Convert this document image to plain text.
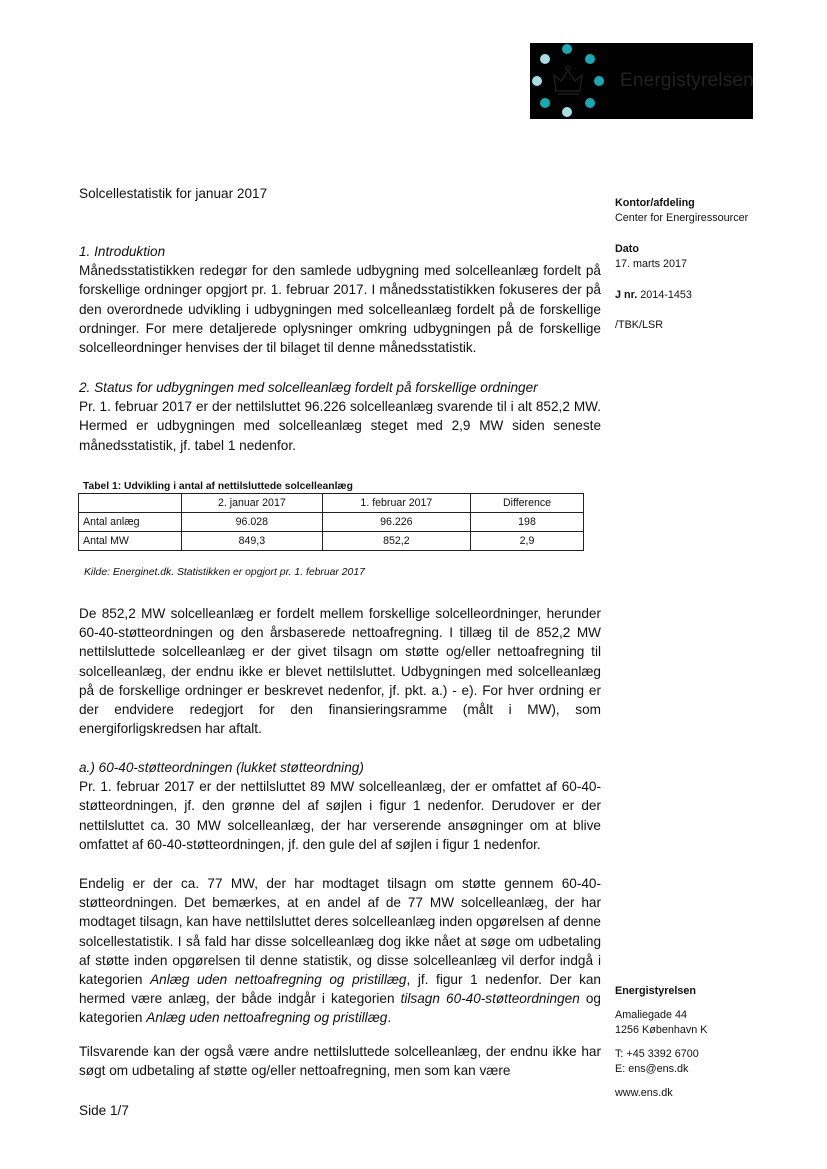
Energistyrelsen
Solcellestatistik for januar 2017
Kontor/afdeling
Center for Energiressourcer
Dato
17. marts 2017
J nr. 2014-1453
/TBK/LSR
Energistyrelsen
Amaliegade 44
1256 København K
T: +45 3392 6700
E: ens@ens.dk
www.ens.dk

1. Introduktion

Månedsstatistikken redegør for den samlede udbygning med solcelleanlæg fordelt på forskellige ordninger opgjort pr. 1. februar 2017. I månedsstatistikken fokuseres der på den overordnede udvikling i udbygningen med solcelleanlæg fordelt på de forskellige ordninger. For mere detaljerede oplysninger omkring udbygningen på de forskellige solcelleordninger henvises der til bilaget til denne månedsstatistik.

2. Status for udbygningen med solcelleanlæg fordelt på forskellige ordninger

Pr. 1. februar 2017 er der nettilsluttet 96.226 solcelleanlæg svarende til i alt 852,2 MW. Hermed er udbygningen med solcelleanlæg steget med 2,9 MW siden seneste månedsstatistik, jf. tabel 1 nedenfor.

Tabel 1: Udvikling i antal af nettilsluttede solcelleanlæg
	2. januar 2017	1. februar 2017	Difference
Antal anlæg	96.028	96.226	198
Antal MW	849,3	852,2	2,9
Kilde: Energinet.dk. Statistikken er opgjort pr. 1. februar 2017

De 852,2 MW solcelleanlæg er fordelt mellem forskellige solcelleordninger, herunder 60-40-støtteordningen og den årsbaserede nettoafregning. I tillæg til de 852,2 MW nettilsluttede solcelleanlæg er der givet tilsagn om støtte og/eller nettoafregning til solcelleanlæg, der endnu ikke er blevet nettilsluttet. Udbygningen med solcelleanlæg på de forskellige ordninger er beskrevet nedenfor, jf. pkt. a.) - e). For hver ordning er der endvidere redegjort for den finansieringsramme (målt i MW), som energiforligskredsen har aftalt.

a.) 60-40-støtteordningen (lukket støtteordning)

Pr. 1. februar 2017 er der nettilsluttet 89 MW solcelleanlæg, der er omfattet af 60-40-støtteordningen, jf. den grønne del af søjlen i figur 1 nedenfor. Derudover er der nettilsluttet ca. 30 MW solcelleanlæg, der har verserende ansøgninger om at blive omfattet af 60-40-støtteordningen, jf. den gule del af søjlen i figur 1 nedenfor.

Endelig er der ca. 77 MW, der har modtaget tilsagn om støtte gennem 60-40-støtteordningen. Det bemærkes, at en andel af de 77 MW solcelleanlæg, der har modtaget tilsagn, kan have nettilsluttet deres solcelleanlæg inden opgørelsen af denne solcellestatistik. I så fald har disse solcelleanlæg dog ikke nået at søge om udbetaling af støtte inden opgørelsen til denne statistik, og disse solcelleanlæg vil derfor indgå i kategorien Anlæg uden nettoafregning og pristillæg, jf. figur 1 nedenfor. Der kan hermed være anlæg, der både indgår i kategorien tilsagn 60-40-støtteordningen og kategorien Anlæg uden nettoafregning og pristillæg.

Tilsvarende kan der også være andre nettilsluttede solcelleanlæg, der endnu ikke har søgt om udbetaling af støtte og/eller nettoafregning, men som kan være

Side 1/7
